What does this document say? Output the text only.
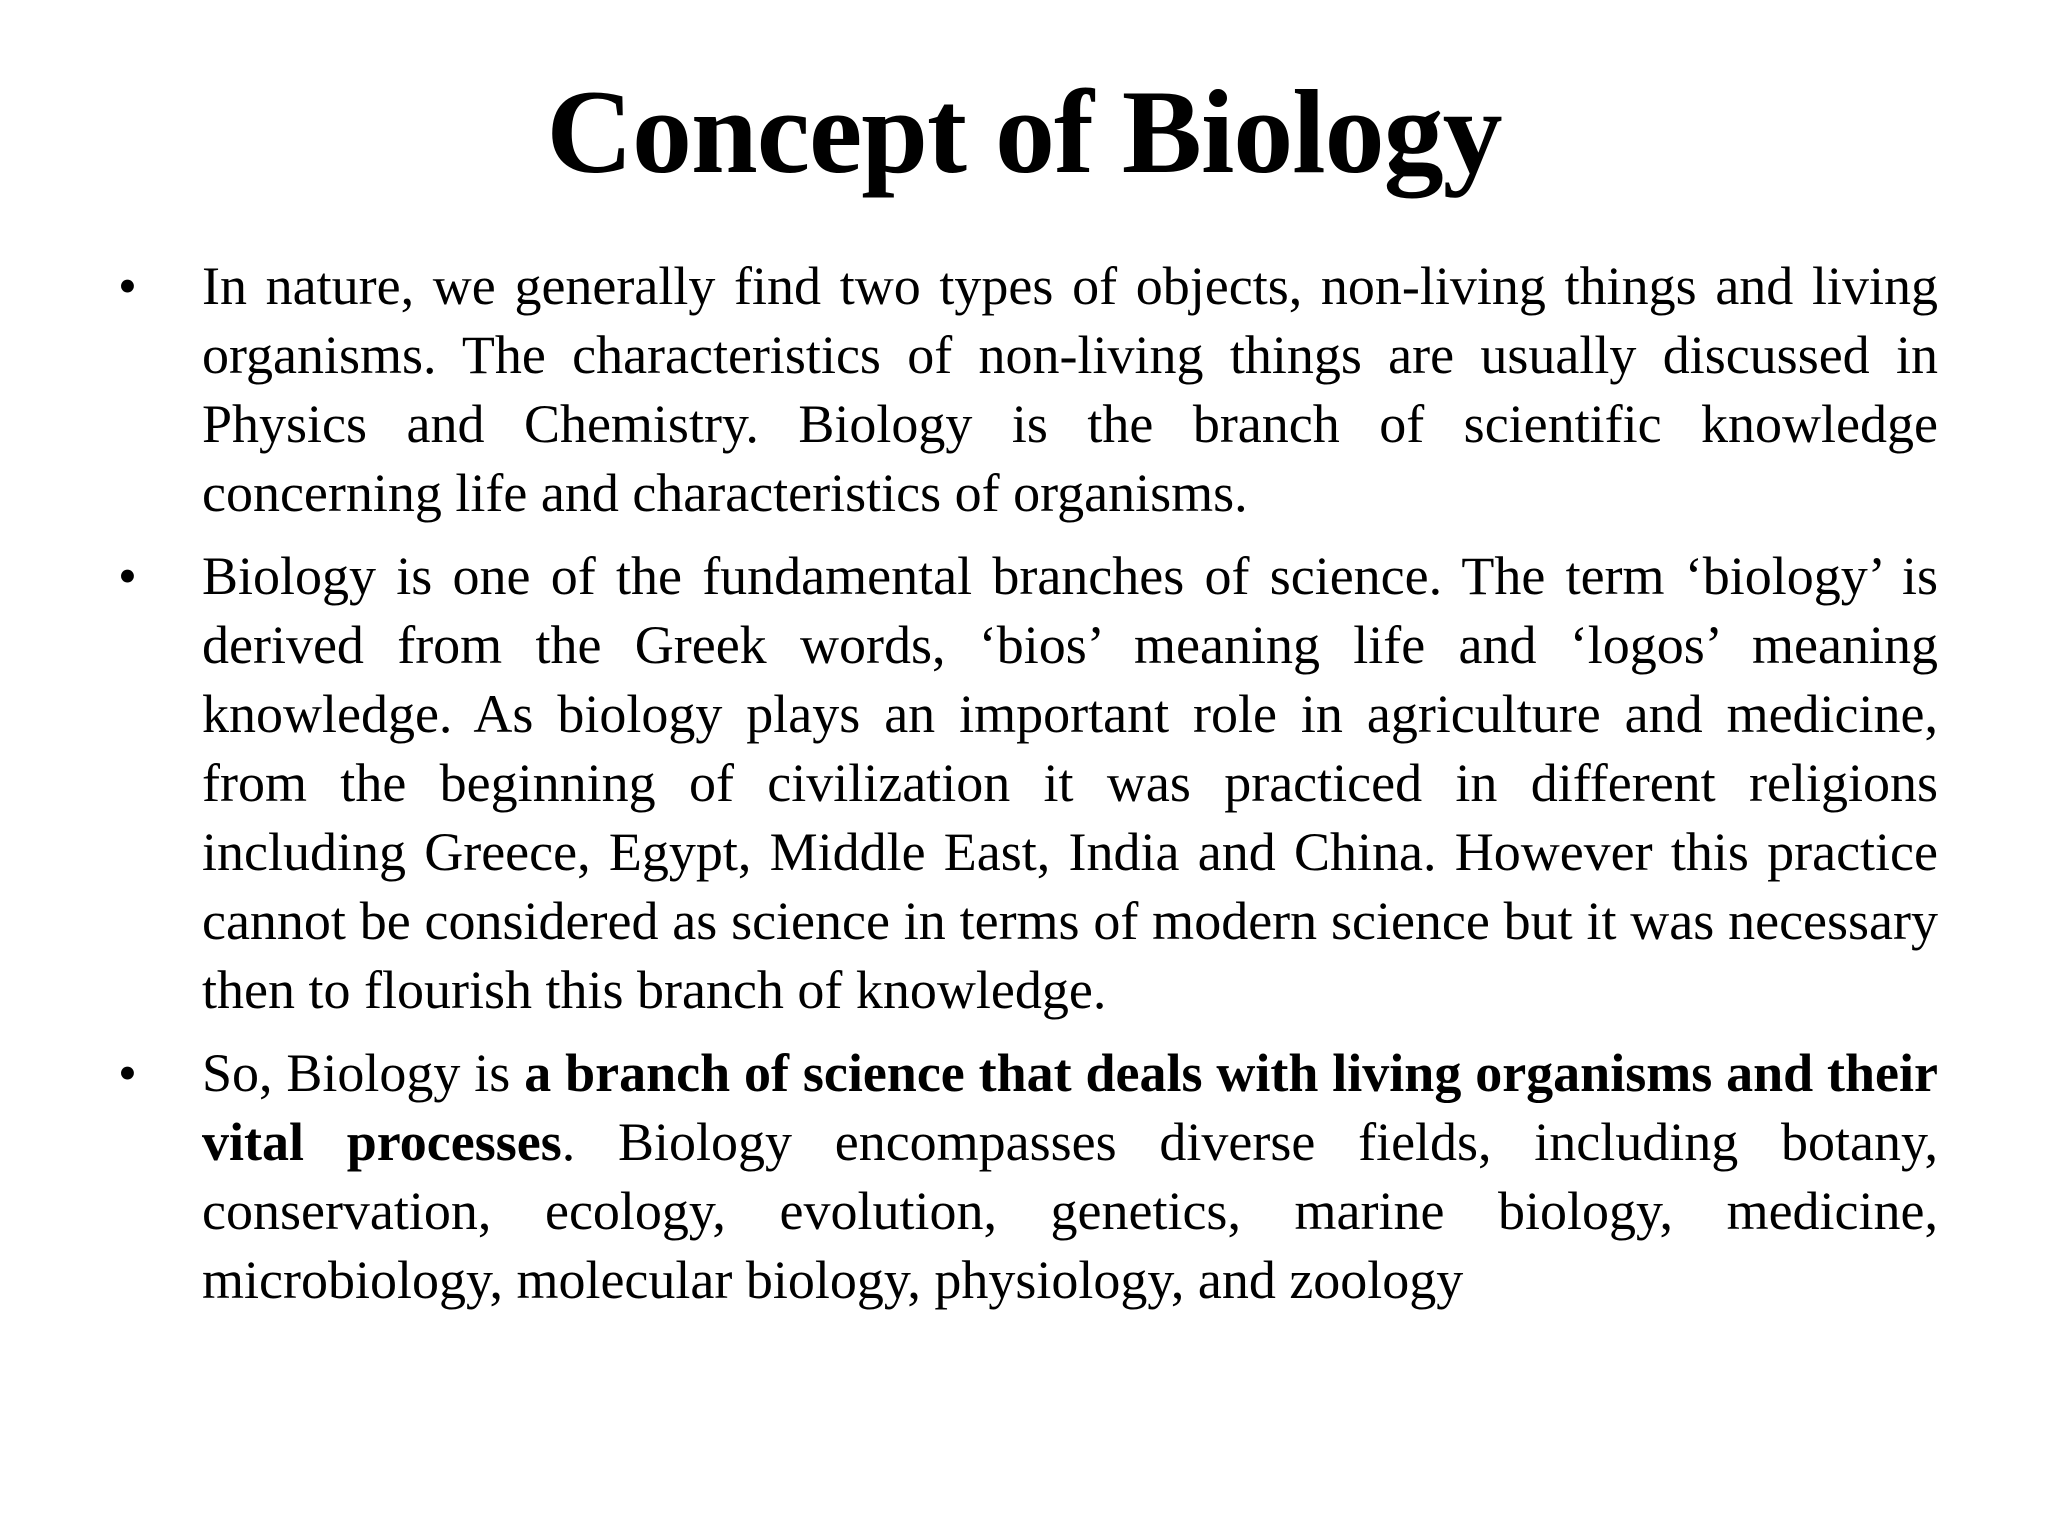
Concept of Biology
• In nature, we generally find two types of objects, non-living things and living organisms. The characteristics of non-living things are usually discussed in Physics and Chemistry. Biology is the branch of scientific knowledge concerning life and characteristics of organisms.
• Biology is one of the fundamental branches of science. The term ‘biology’ is derived from the Greek words, ‘bios’ meaning life and ‘logos’ meaning knowledge. As biology plays an important role in agriculture and medicine, from the beginning of civilization it was practiced in different religions including Greece, Egypt, Middle East, India and China. However this practice cannot be considered as science in terms of modern science but it was necessary then to flourish this branch of knowledge.
• So, Biology is a branch of science that deals with living organisms and their vital processes. Biology encompasses diverse fields, including botany, conservation, ecology, evolution, genetics, marine biology, medicine, microbiology, molecular biology, physiology, and zoology
